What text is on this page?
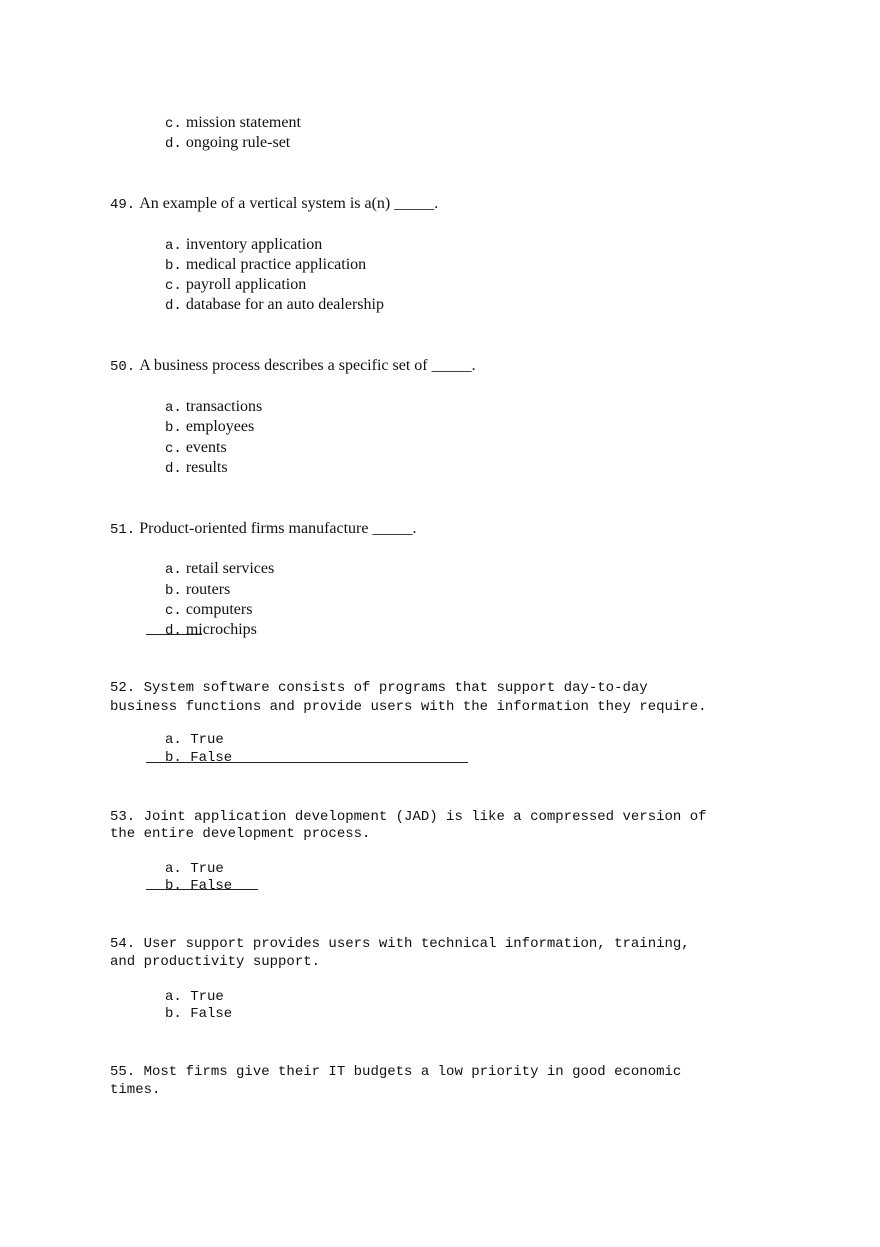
c. mission statement
d. ongoing rule-set
49. An example of a vertical system is a(n) _____.
a. inventory application
b. medical practice application
c. payroll application
d. database for an auto dealership
50. A business process describes a specific set of _____.
a. transactions
b. employees
c. events
d. results
51. Product-oriented firms manufacture _____.
a. retail services
b. routers
c. computers
d. microchips
52. System software consists of programs that support day-to-day
business functions and provide users with the information they require.
a. True
b. False
53. Joint application development (JAD) is like a compressed version of
the entire development process.
a. True
b. False
54. User support provides users with technical information, training,
and productivity support.
a. True
b. False
55. Most firms give their IT budgets a low priority in good economic
times.
